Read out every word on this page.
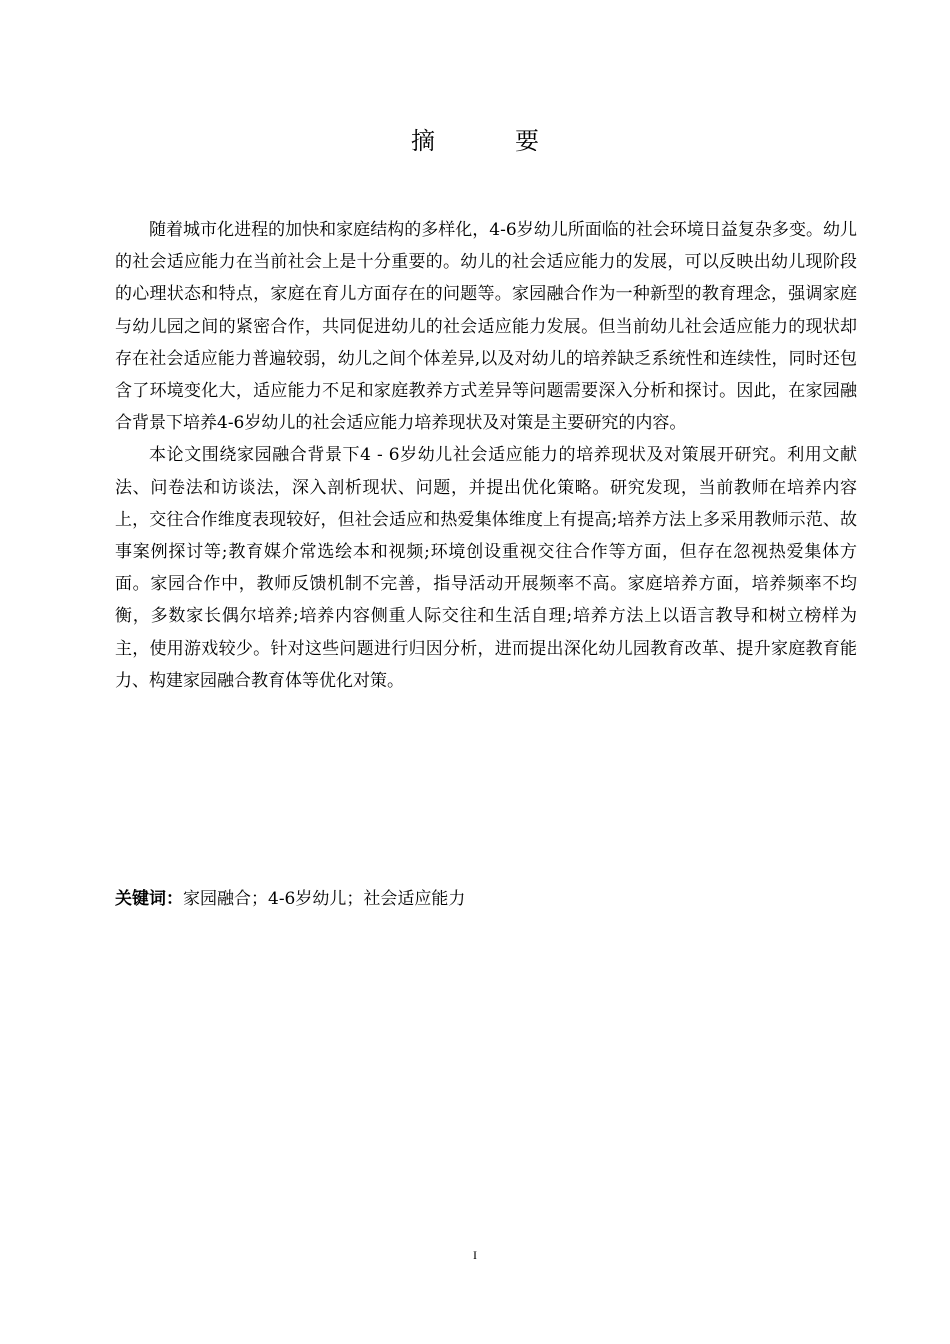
摘　要

随着城市化进程的加快和家庭结构的多样化，4-6岁幼儿所面临的社会环境日益复杂多变。幼儿的社会适应能力在当前社会上是十分重要的。幼儿的社会适应能力的发展，可以反映出幼儿现阶段的心理状态和特点，家庭在育儿方面存在的问题等。家园融合作为一种新型的教育理念，强调家庭与幼儿园之间的紧密合作，共同促进幼儿的社会适应能力发展。但当前幼儿社会适应能力的现状却存在社会适应能力普遍较弱，幼儿之间个体差异,以及对幼儿的培养缺乏系统性和连续性，同时还包含了环境变化大，适应能力不足和家庭教养方式差异等问题需要深入分析和探讨。因此，在家园融合背景下培养4-6岁幼儿的社会适应能力培养现状及对策是主要研究的内容。

本论文围绕家园融合背景下4 - 6岁幼儿社会适应能力的培养现状及对策展开研究。利用文献法、问卷法和访谈法，深入剖析现状、问题，并提出优化策略。研究发现，当前教师在培养内容上，交往合作维度表现较好，但社会适应和热爱集体维度上有提高;培养方法上多采用教师示范、故事案例探讨等;教育媒介常选绘本和视频;环境创设重视交往合作等方面，但存在忽视热爱集体方面。家园合作中，教师反馈机制不完善，指导活动开展频率不高。家庭培养方面，培养频率不均衡，多数家长偶尔培养;培养内容侧重人际交往和生活自理;培养方法上以语言教导和树立榜样为主，使用游戏较少。针对这些问题进行归因分析，进而提出深化幼儿园教育改革、提升家庭教育能力、构建家园融合教育体等优化对策。

关键词：家园融合；4-6岁幼儿；社会适应能力
I
